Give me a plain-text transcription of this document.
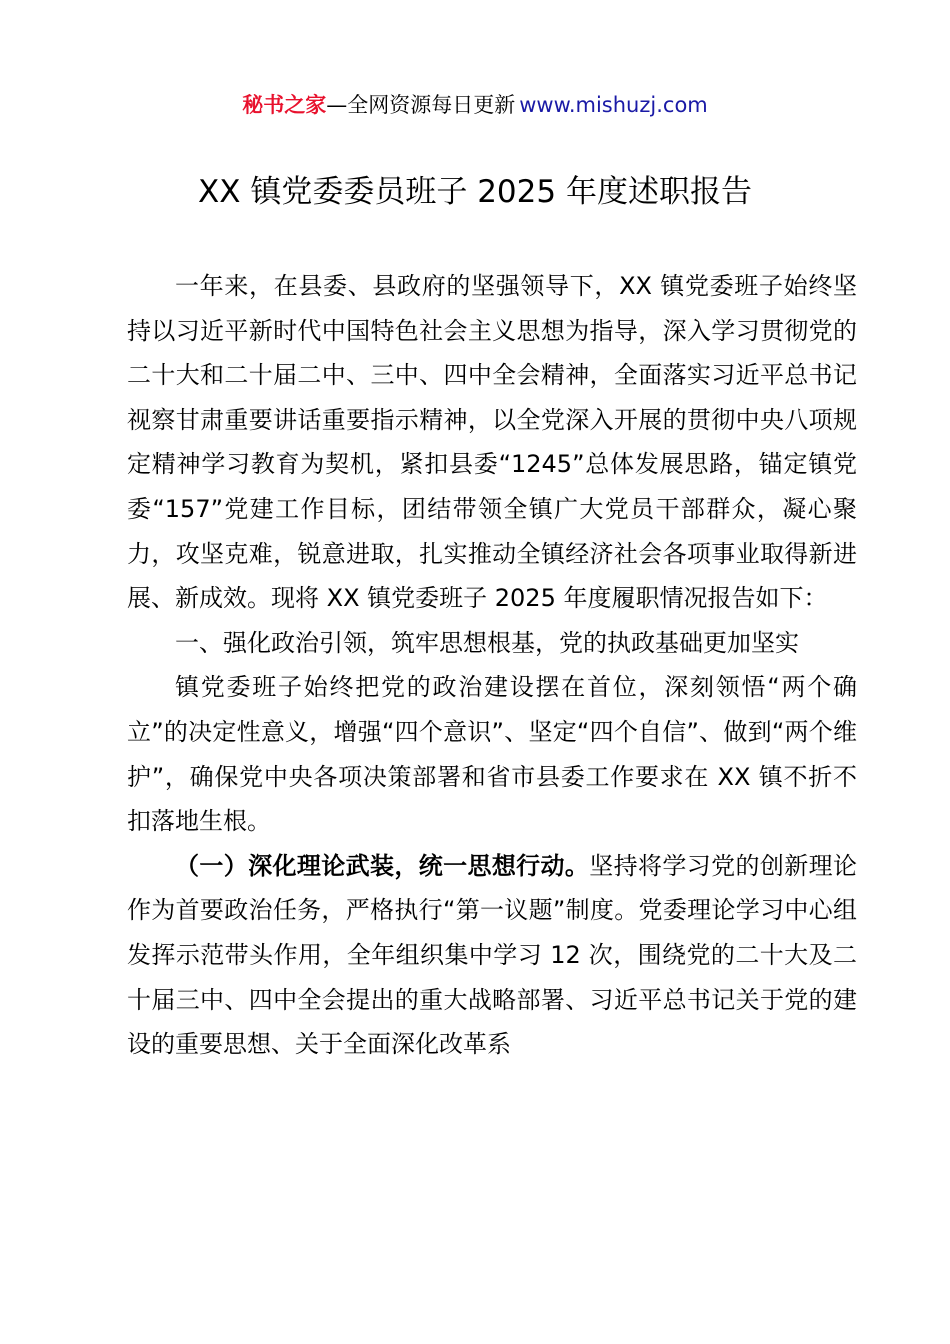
秘书之家—全网资源每日更新 www.mishuzj.com
XX 镇党委委员班子 2025 年度述职报告

一年来，在县委、县政府的坚强领导下，XX 镇党委班子始终坚持以习近平新时代中国特色社会主义思想为指导，深入学习贯彻党的二十大和二十届二中、三中、四中全会精神，全面落实习近平总书记视察甘肃重要讲话重要指示精神，以全党深入开展的贯彻中央八项规定精神学习教育为契机，紧扣县委“1245”总体发展思路，锚定镇党委“157”党建工作目标，团结带领全镇广大党员干部群众，凝心聚力，攻坚克难，锐意进取，扎实推动全镇经济社会各项事业取得新进展、新成效。现将 XX 镇党委班子 2025 年度履职情况报告如下：

一、强化政治引领，筑牢思想根基，党的执政基础更加坚实

镇党委班子始终把党的政治建设摆在首位，深刻领悟“两个确立”的决定性意义，增强“四个意识”、坚定“四个自信”、做到“两个维护”，确保党中央各项决策部署和省市县委工作要求在 XX 镇不折不扣落地生根。

（一）深化理论武装，统一思想行动。坚持将学习党的创新理论作为首要政治任务，严格执行“第一议题”制度。党委理论学习中心组发挥示范带头作用，全年组织集中学习 12 次，围绕党的二十大及二十届三中、四中全会提出的重大战略部署、习近平总书记关于党的建设的重要思想、关于全面深化改革系
